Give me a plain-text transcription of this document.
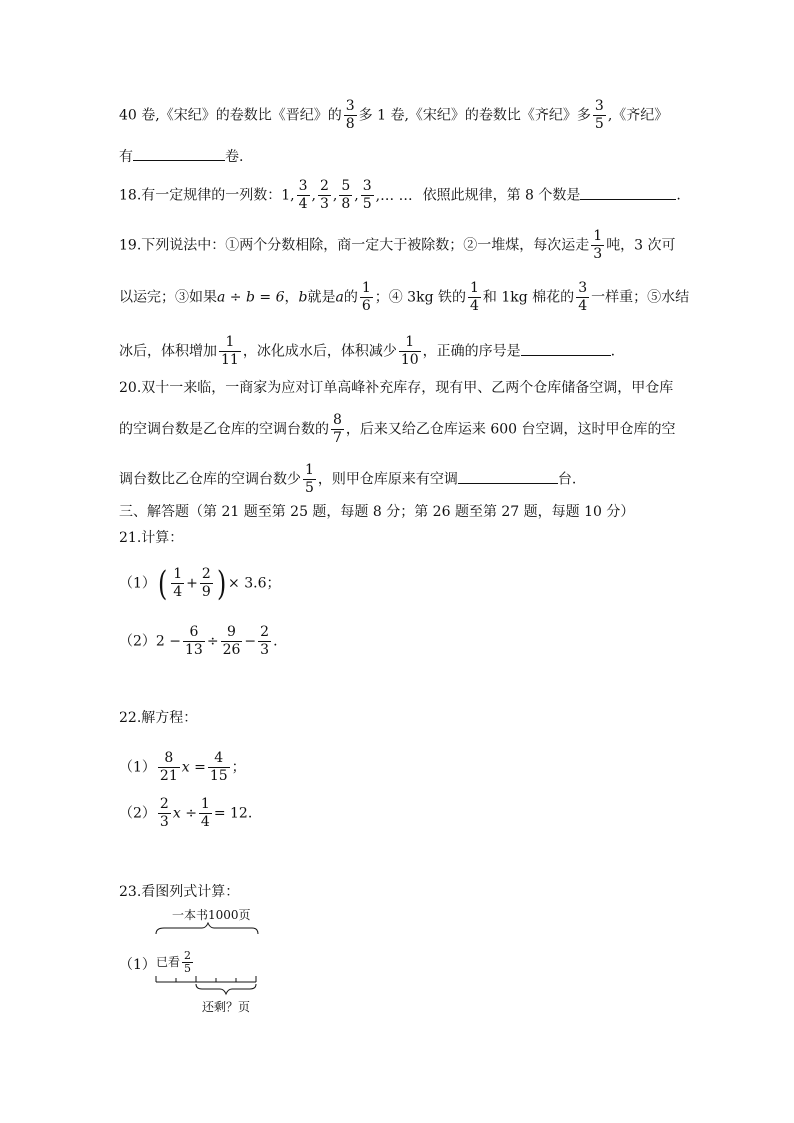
40 卷,《宋纪》的卷数比《晋纪》的 $\frac{3}{8}$ 多 1 卷,《宋纪》的卷数比《齐纪》多 $\frac{3}{5}$ ,《齐纪》
有	卷.
18.有一定规律的一列数：1, $\frac{3}{4}$ , $\frac{2}{3}$ , $\frac{5}{8}$ , $\frac{3}{5}$ ,… … 依照此规律，第 8 个数是	.
19.下列说法中：①两个分数相除，商一定大于被除数；②一堆煤，每次运走 $\frac{1}{3}$ 吨，3 次可
以运完；③如果a ÷ b = 6，b就是a的 $\frac{1}{6}$ ；④ 3kg 铁的 $\frac{1}{4}$ 和 1kg 棉花的 $\frac{3}{4}$ 一样重；⑤水结
冰后，体积增加 $\frac{1}{11}$ ，冰化成水后，体积减少 $\frac{1}{10}$ ，正确的序号是	.
20.双十一来临，一商家为应对订单高峰补充库存，现有甲、乙两个仓库储备空调，甲仓库
的空调台数是乙仓库的空调台数的 $\frac{8}{7}$ ，后来又给乙仓库运来 600 台空调，这时甲仓库的空
调台数比乙仓库的空调台数少 $\frac{1}{5}$ ，则甲仓库原来有空调	台.
三、解答题（第 21 题至第 25 题，每题 8 分；第 26 题至第 27 题，每题 10 分）
21.计算：
$(1)( \frac{1}{4} + \frac{2}{9}$ ) × 3.6；
$(2)2 - \frac{6}{13} \div \frac{9}{26} - \frac{2}{3}$ .
22.解方程：
$(1) \frac{8}{21}$ $x = \frac{4}{15}$ ；
$(2) \frac{2}{3}$ $x \div \frac{1}{4} = 12$.
23.看图列式计算：
（1）
一本书1000页
已看 $\frac{2}{5}$
还剩？页
